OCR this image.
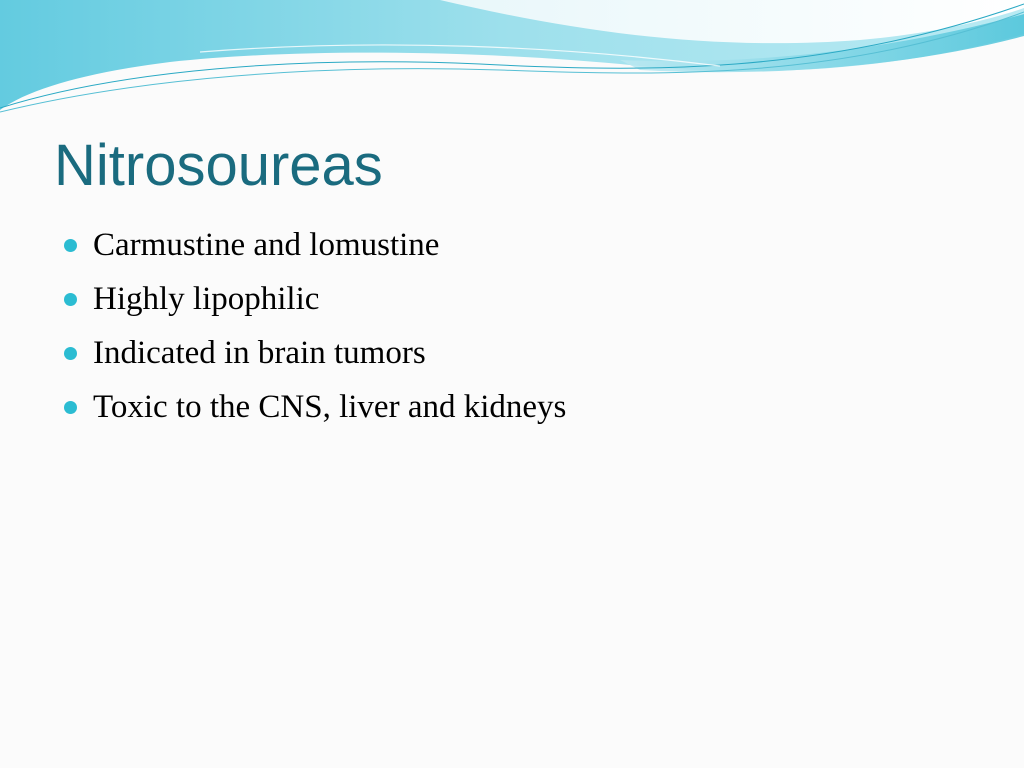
Nitrosoureas
Carmustine and lomustine
Highly lipophilic
Indicated in brain tumors
Toxic to the CNS, liver and kidneys
